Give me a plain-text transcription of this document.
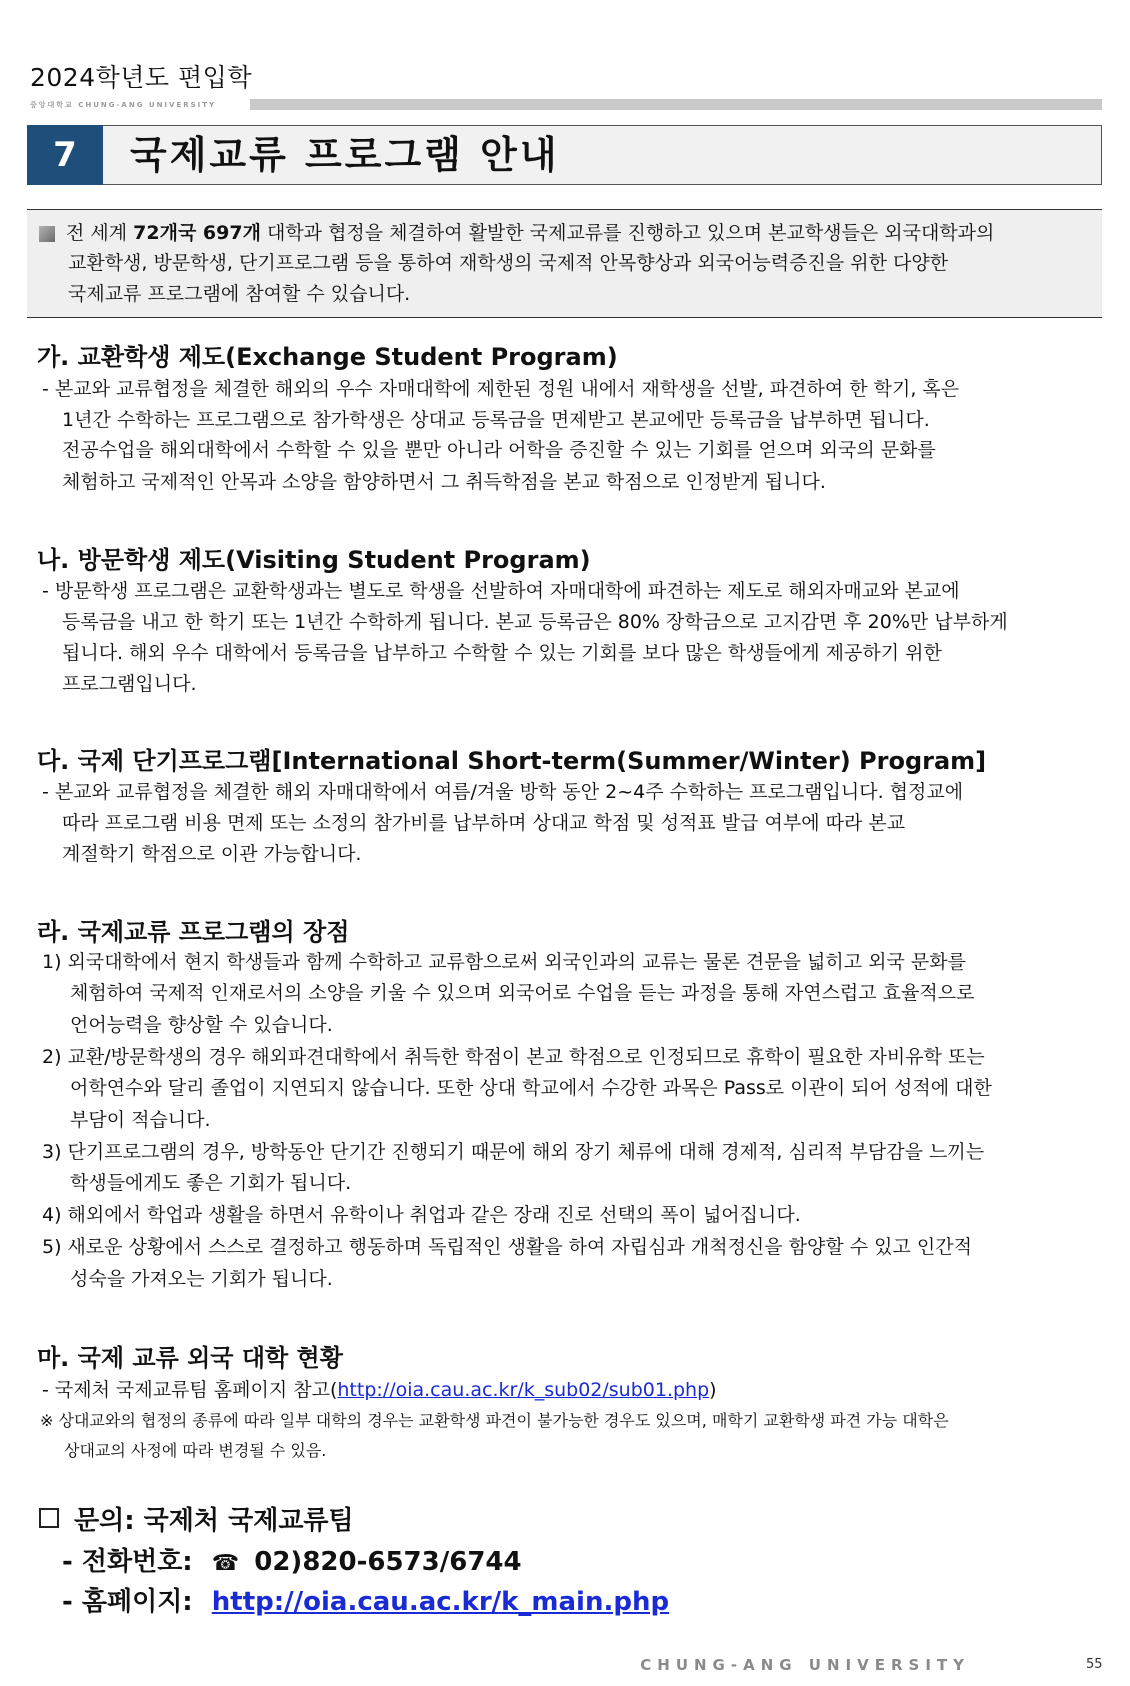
2024학년도 편입학
중앙대학교 CHUNG-ANG UNIVERSITY
7	국제교류 프로그램 안내
전 세계 72개국 697개 대학과 협정을 체결하여 활발한 국제교류를 진행하고 있으며 본교학생들은 외국대학과의
교환학생, 방문학생, 단기프로그램 등을 통하여 재학생의 국제적 안목향상과 외국어능력증진을 위한 다양한
국제교류 프로그램에 참여할 수 있습니다.
가. 교환학생 제도(Exchange Student Program)
- 본교와 교류협정을 체결한 해외의 우수 자매대학에 제한된 정원 내에서 재학생을 선발, 파견하여 한 학기, 혹은
1년간 수학하는 프로그램으로 참가학생은 상대교 등록금을 면제받고 본교에만 등록금을 납부하면 됩니다.
전공수업을 해외대학에서 수학할 수 있을 뿐만 아니라 어학을 증진할 수 있는 기회를 얻으며 외국의 문화를
체험하고 국제적인 안목과 소양을 함양하면서 그 취득학점을 본교 학점으로 인정받게 됩니다.
나. 방문학생 제도(Visiting Student Program)
- 방문학생 프로그램은 교환학생과는 별도로 학생을 선발하여 자매대학에 파견하는 제도로 해외자매교와 본교에
등록금을 내고 한 학기 또는 1년간 수학하게 됩니다. 본교 등록금은 80% 장학금으로 고지감면 후 20%만 납부하게
됩니다. 해외 우수 대학에서 등록금을 납부하고 수학할 수 있는 기회를 보다 많은 학생들에게 제공하기 위한
프로그램입니다.
다. 국제 단기프로그램[International Short-term(Summer/Winter) Program]
- 본교와 교류협정을 체결한 해외 자매대학에서 여름/겨울 방학 동안 2~4주 수학하는 프로그램입니다. 협정교에
따라 프로그램 비용 면제 또는 소정의 참가비를 납부하며 상대교 학점 및 성적표 발급 여부에 따라 본교
계절학기 학점으로 이관 가능합니다.
라. 국제교류 프로그램의 장점
1) 외국대학에서 현지 학생들과 함께 수학하고 교류함으로써 외국인과의 교류는 물론 견문을 넓히고 외국 문화를
체험하여 국제적 인재로서의 소양을 키울 수 있으며 외국어로 수업을 듣는 과정을 통해 자연스럽고 효율적으로
언어능력을 향상할 수 있습니다.
2) 교환/방문학생의 경우 해외파견대학에서 취득한 학점이 본교 학점으로 인정되므로 휴학이 필요한 자비유학 또는
어학연수와 달리 졸업이 지연되지 않습니다. 또한 상대 학교에서 수강한 과목은 Pass로 이관이 되어 성적에 대한
부담이 적습니다.
3) 단기프로그램의 경우, 방학동안 단기간 진행되기 때문에 해외 장기 체류에 대해 경제적, 심리적 부담감을 느끼는
학생들에게도 좋은 기회가 됩니다.
4) 해외에서 학업과 생활을 하면서 유학이나 취업과 같은 장래 진로 선택의 폭이 넓어집니다.
5) 새로운 상황에서 스스로 결정하고 행동하며 독립적인 생활을 하여 자립심과 개척정신을 함양할 수 있고 인간적
성숙을 가져오는 기회가 됩니다.
마. 국제 교류 외국 대학 현황
- 국제처 국제교류팀 홈페이지 참고(http://oia.cau.ac.kr/k_sub02/sub01.php)
※ 상대교와의 협정의 종류에 따라 일부 대학의 경우는 교환학생 파견이 불가능한 경우도 있으며, 매학기 교환학생 파견 가능 대학은
상대교의 사정에 따라 변경될 수 있음.
문의: 국제처 국제교류팀
- 전화번호: ☎ 02)820-6573/6744
- 홈페이지: http://oia.cau.ac.kr/k_main.php
CHUNG-ANG UNIVERSITY	55
